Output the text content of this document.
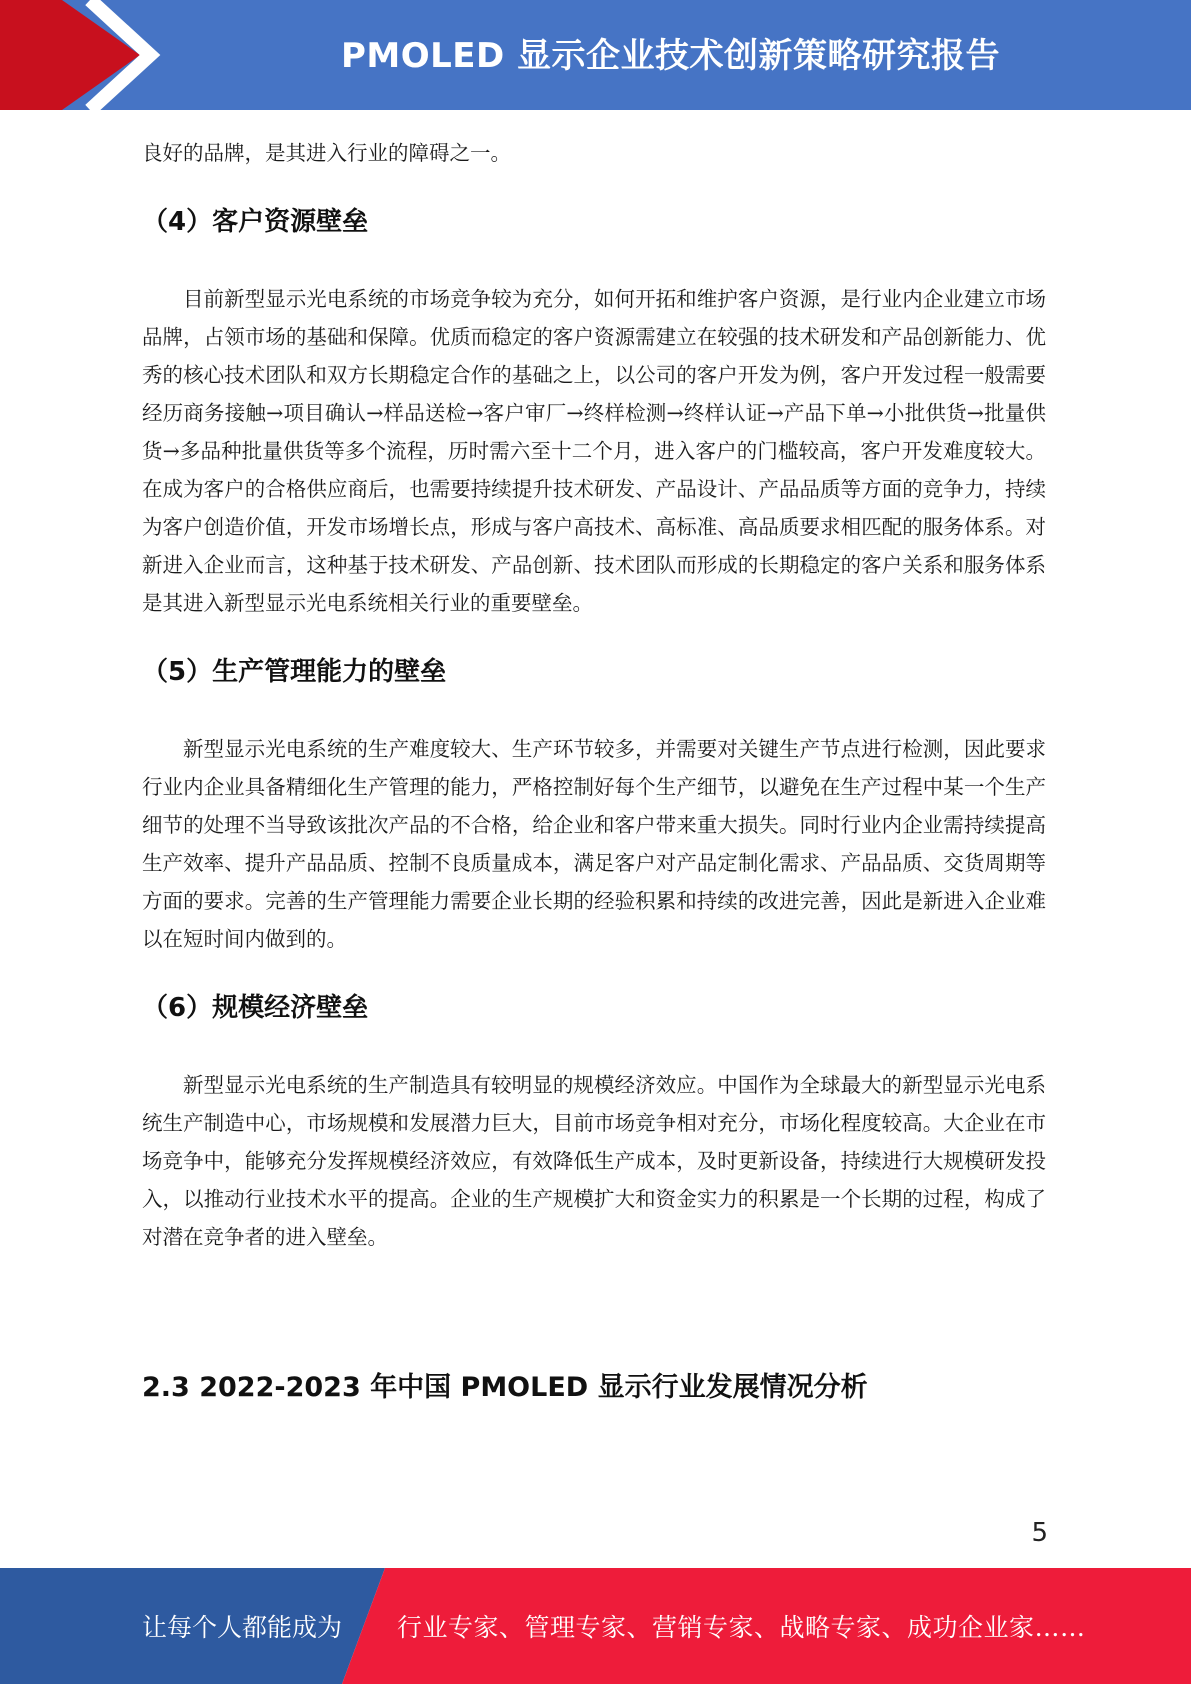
PMOLED 显示企业技术创新策略研究报告

良好的品牌，是其进入行业的障碍之一。

（4）客户资源壁垒

目前新型显示光电系统的市场竞争较为充分，如何开拓和维护客户资源，是行业内企业建立市场品牌，占领市场的基础和保障。优质而稳定的客户资源需建立在较强的技术研发和产品创新能力、优秀的核心技术团队和双方长期稳定合作的基础之上，以公司的客户开发为例，客户开发过程一般需要经历商务接触→项目确认→样品送检→客户审厂→终样检测→终样认证→产品下单→小批供货→批量供货→多品种批量供货等多个流程，历时需六至十二个月，进入客户的门槛较高，客户开发难度较大。在成为客户的合格供应商后，也需要持续提升技术研发、产品设计、产品品质等方面的竞争力，持续为客户创造价值，开发市场增长点，形成与客户高技术、高标准、高品质要求相匹配的服务体系。对新进入企业而言，这种基于技术研发、产品创新、技术团队而形成的长期稳定的客户关系和服务体系是其进入新型显示光电系统相关行业的重要壁垒。

（5）生产管理能力的壁垒

新型显示光电系统的生产难度较大、生产环节较多，并需要对关键生产节点进行检测，因此要求行业内企业具备精细化生产管理的能力，严格控制好每个生产细节，以避免在生产过程中某一个生产细节的处理不当导致该批次产品的不合格，给企业和客户带来重大损失。同时行业内企业需持续提高生产效率、提升产品品质、控制不良质量成本，满足客户对产品定制化需求、产品品质、交货周期等方面的要求。完善的生产管理能力需要企业长期的经验积累和持续的改进完善，因此是新进入企业难以在短时间内做到的。

（6）规模经济壁垒

新型显示光电系统的生产制造具有较明显的规模经济效应。中国作为全球最大的新型显示光电系统生产制造中心，市场规模和发展潜力巨大，目前市场竞争相对充分，市场化程度较高。大企业在市场竞争中，能够充分发挥规模经济效应，有效降低生产成本，及时更新设备，持续进行大规模研发投入，以推动行业技术水平的提高。企业的生产规模扩大和资金实力的积累是一个长期的过程，构成了对潜在竞争者的进入壁垒。

2.3 2022-2023 年中国 PMOLED 显示行业发展情况分析
5
让每个人都能成为 行业专家、管理专家、营销专家、战略专家、成功企业家……
